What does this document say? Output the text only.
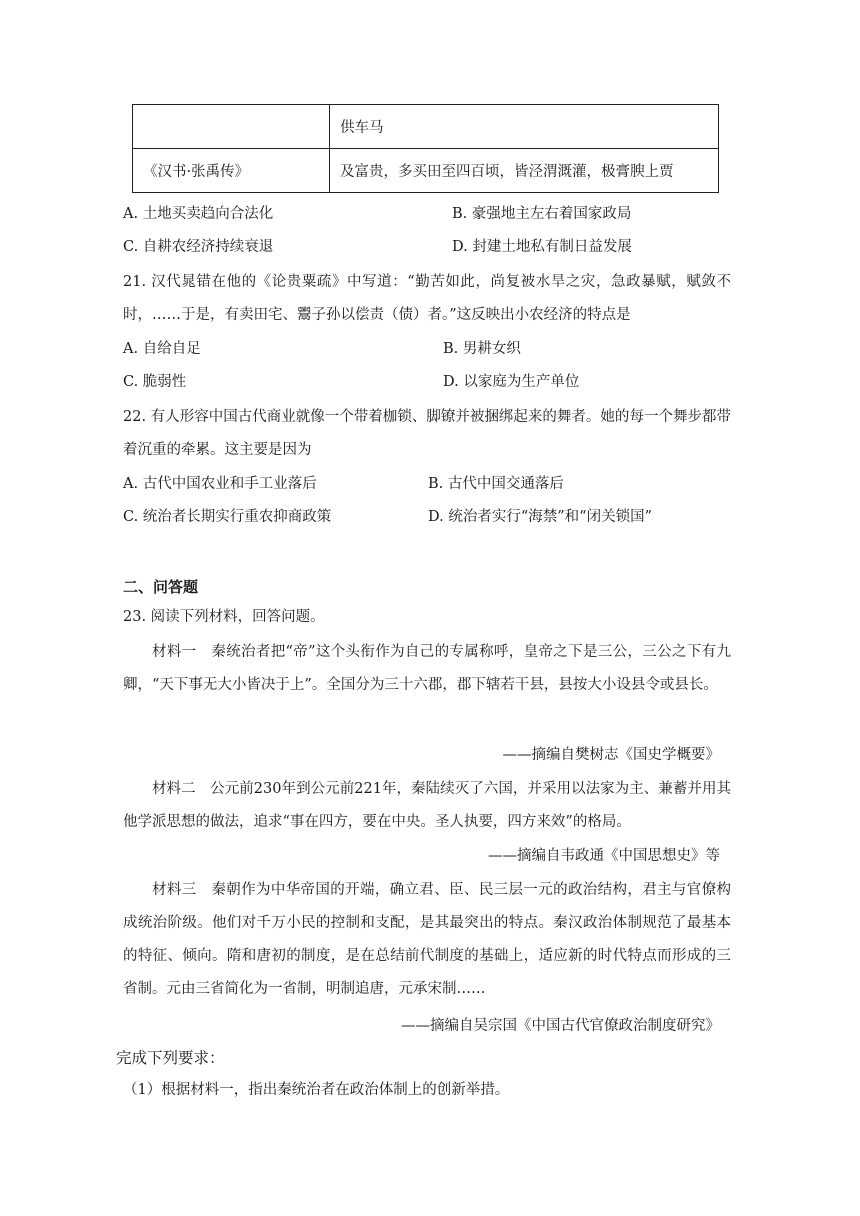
	供车马
《汉书·张禹传》	及富贵，多买田至四百顷，皆泾渭溉灌，极膏腴上贾
A. 土地买卖趋向合法化	B. 豪强地主左右着国家政局
C. 自耕农经济持续衰退	D. 封建土地私有制日益发展
21. 汉代晁错在他的《论贵粟疏》中写道：“勤苦如此，尚复被水旱之灾，急政暴赋，赋敛不时，……于是，有卖田宅、鬻子孙以偿责（债）者。”这反映出小农经济的特点是
A. 自给自足	B. 男耕女织
C. 脆弱性	D. 以家庭为生产单位
22. 有人形容中国古代商业就像一个带着枷锁、脚镣并被捆绑起来的舞者。她的每一个舞步都带着沉重的牵累。这主要是因为
A. 古代中国农业和手工业落后	B. 古代中国交通落后
C. 统治者长期实行重农抑商政策	D. 统治者实行“海禁”和“闭关锁国”
二、问答题
23. 阅读下列材料，回答问题。
材料一　秦统治者把“帝”这个头衔作为自己的专属称呼，皇帝之下是三公，三公之下有九卿，“天下事无大小皆决于上”。全国分为三十六郡，郡下辖若干县，县按大小设县令或县长。
——摘编自樊树志《国史学概要》
材料二　公元前230年到公元前221年，秦陆续灭了六国，并采用以法家为主、兼蓄并用其他学派思想的做法，追求“事在四方，要在中央。圣人执要，四方来效”的格局。
——摘编自韦政通《中国思想史》等
材料三　秦朝作为中华帝国的开端，确立君、臣、民三层一元的政治结构，君主与官僚构成统治阶级。他们对千万小民的控制和支配，是其最突出的特点。秦汉政治体制规范了最基本的特征、倾向。隋和唐初的制度，是在总结前代制度的基础上，适应新的时代特点而形成的三省制。元由三省简化为一省制，明制追唐，元承宋制……
——摘编自吴宗国《中国古代官僚政治制度研究》
完成下列要求：
（1）根据材料一，指出秦统治者在政治体制上的创新举措。
